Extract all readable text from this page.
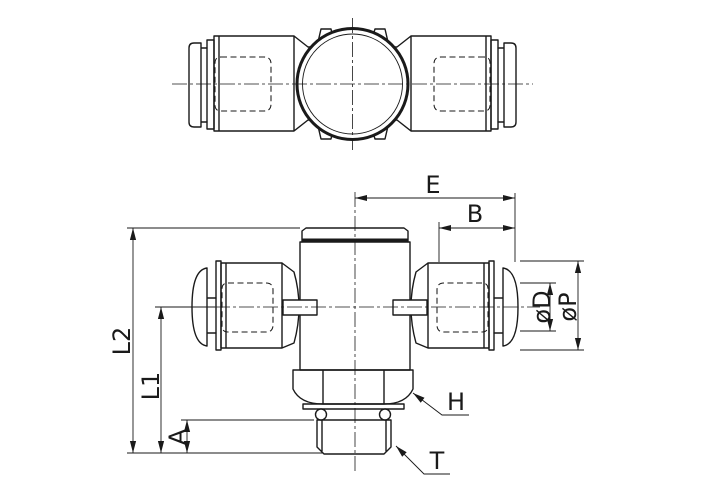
E
B
L2
L1
A
øD
øP
H
T
